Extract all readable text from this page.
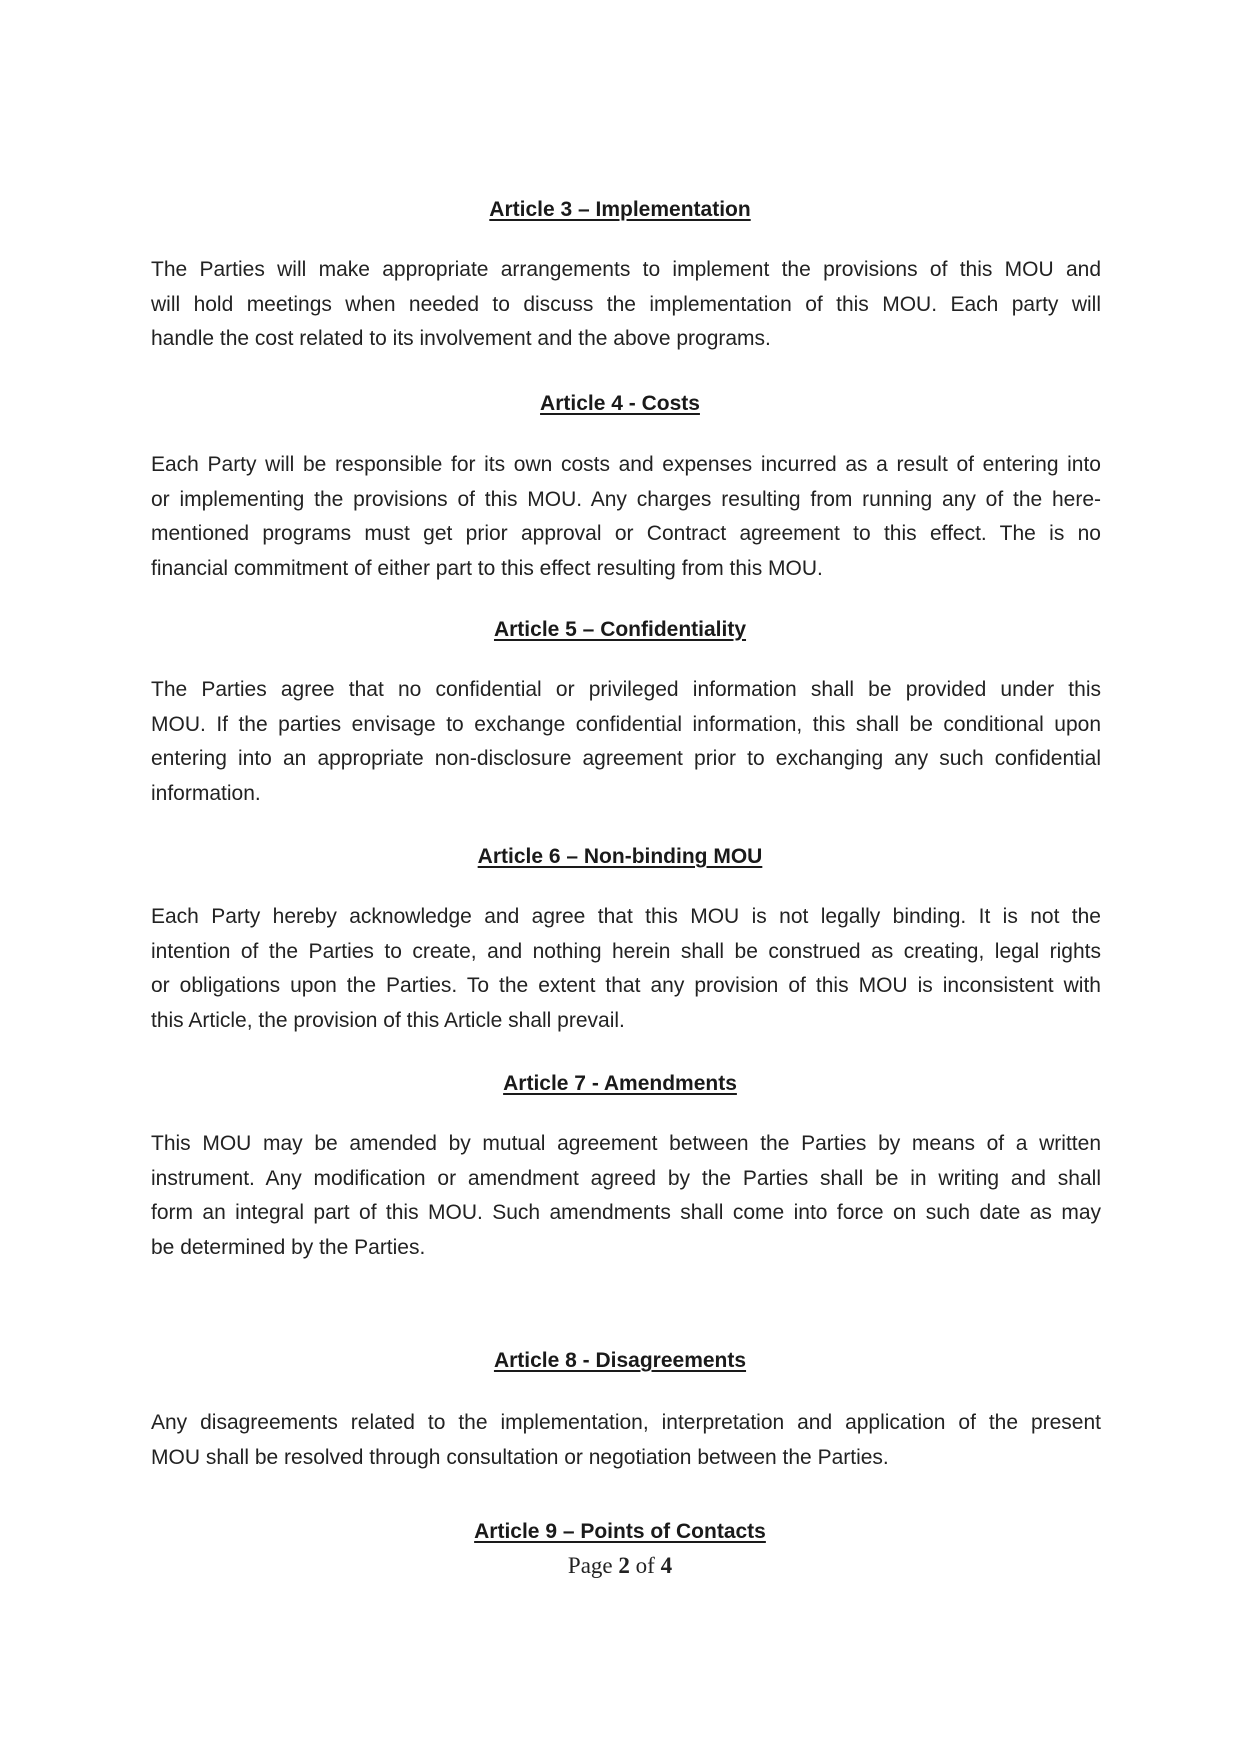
Article 3 – Implementation
The Parties will make appropriate arrangements to implement the provisions of this MOU and
will hold meetings when needed to discuss the implementation of this MOU. Each party will
handle the cost related to its involvement and the above programs.
Article 4 - Costs
Each Party will be responsible for its own costs and expenses incurred as a result of entering into
or implementing the provisions of this MOU. Any charges resulting from running any of the here-
mentioned programs must get prior approval or Contract agreement to this effect. The is no
financial commitment of either part to this effect resulting from this MOU.
Article 5 – Confidentiality
The Parties agree that no confidential or privileged information shall be provided under this
MOU. If the parties envisage to exchange confidential information, this shall be conditional upon
entering into an appropriate non-disclosure agreement prior to exchanging any such confidential
information.
Article 6 – Non-binding MOU
Each Party hereby acknowledge and agree that this MOU is not legally binding. It is not the
intention of the Parties to create, and nothing herein shall be construed as creating, legal rights
or obligations upon the Parties. To the extent that any provision of this MOU is inconsistent with
this Article, the provision of this Article shall prevail.
Article 7 - Amendments
This MOU may be amended by mutual agreement between the Parties by means of a written
instrument. Any modification or amendment agreed by the Parties shall be in writing and shall
form an integral part of this MOU. Such amendments shall come into force on such date as may
be determined by the Parties.
Article 8 - Disagreements
Any disagreements related to the implementation, interpretation and application of the present
MOU shall be resolved through consultation or negotiation between the Parties.
Article 9 – Points of Contacts
Page 2 of 4
